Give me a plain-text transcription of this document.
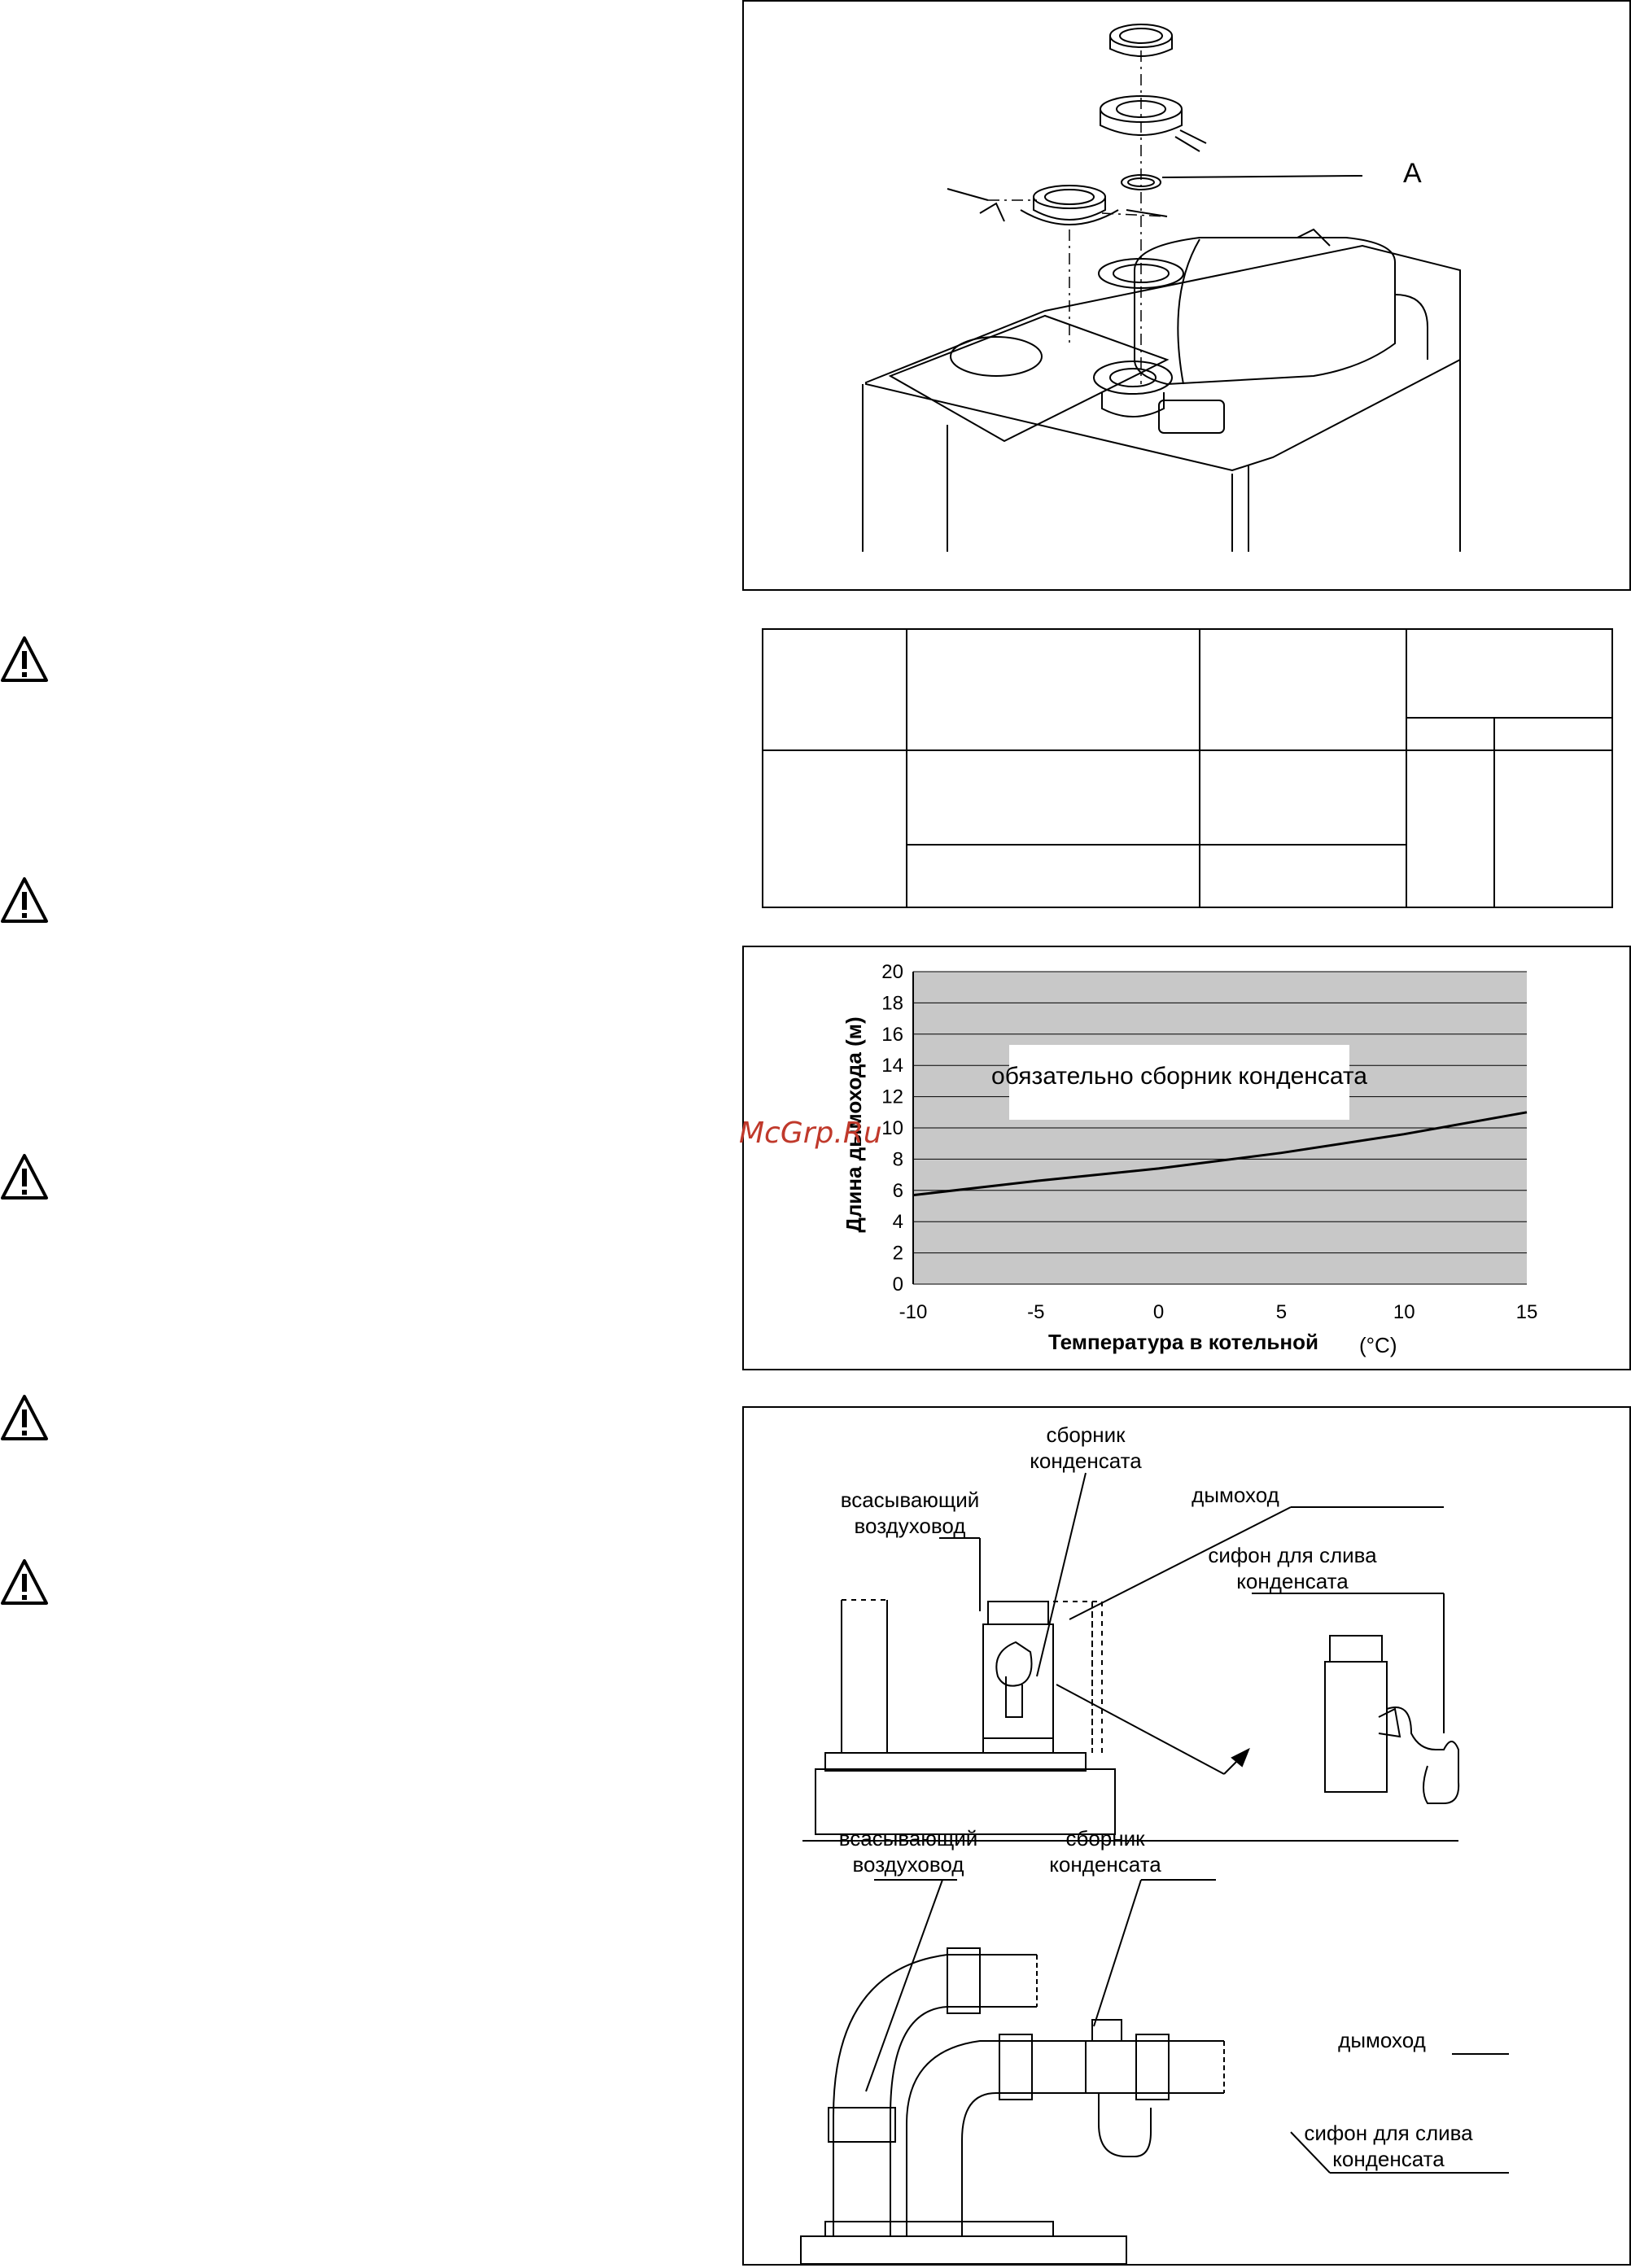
A
0
2
4
6
8
10
12
14
16
18
20
-10	-5	0	5	10	15
обязательно сборник конденсата
Длина дымохода (м)
Температура в котельной (°C)
McGrp.Ru
сборник
конденсата
всасывающий
воздуховод
дымоход
сифон для слива
конденсата
всасывающий
воздуховод
сборник
конденсата
дымоход
сифон для слива
конденсата
